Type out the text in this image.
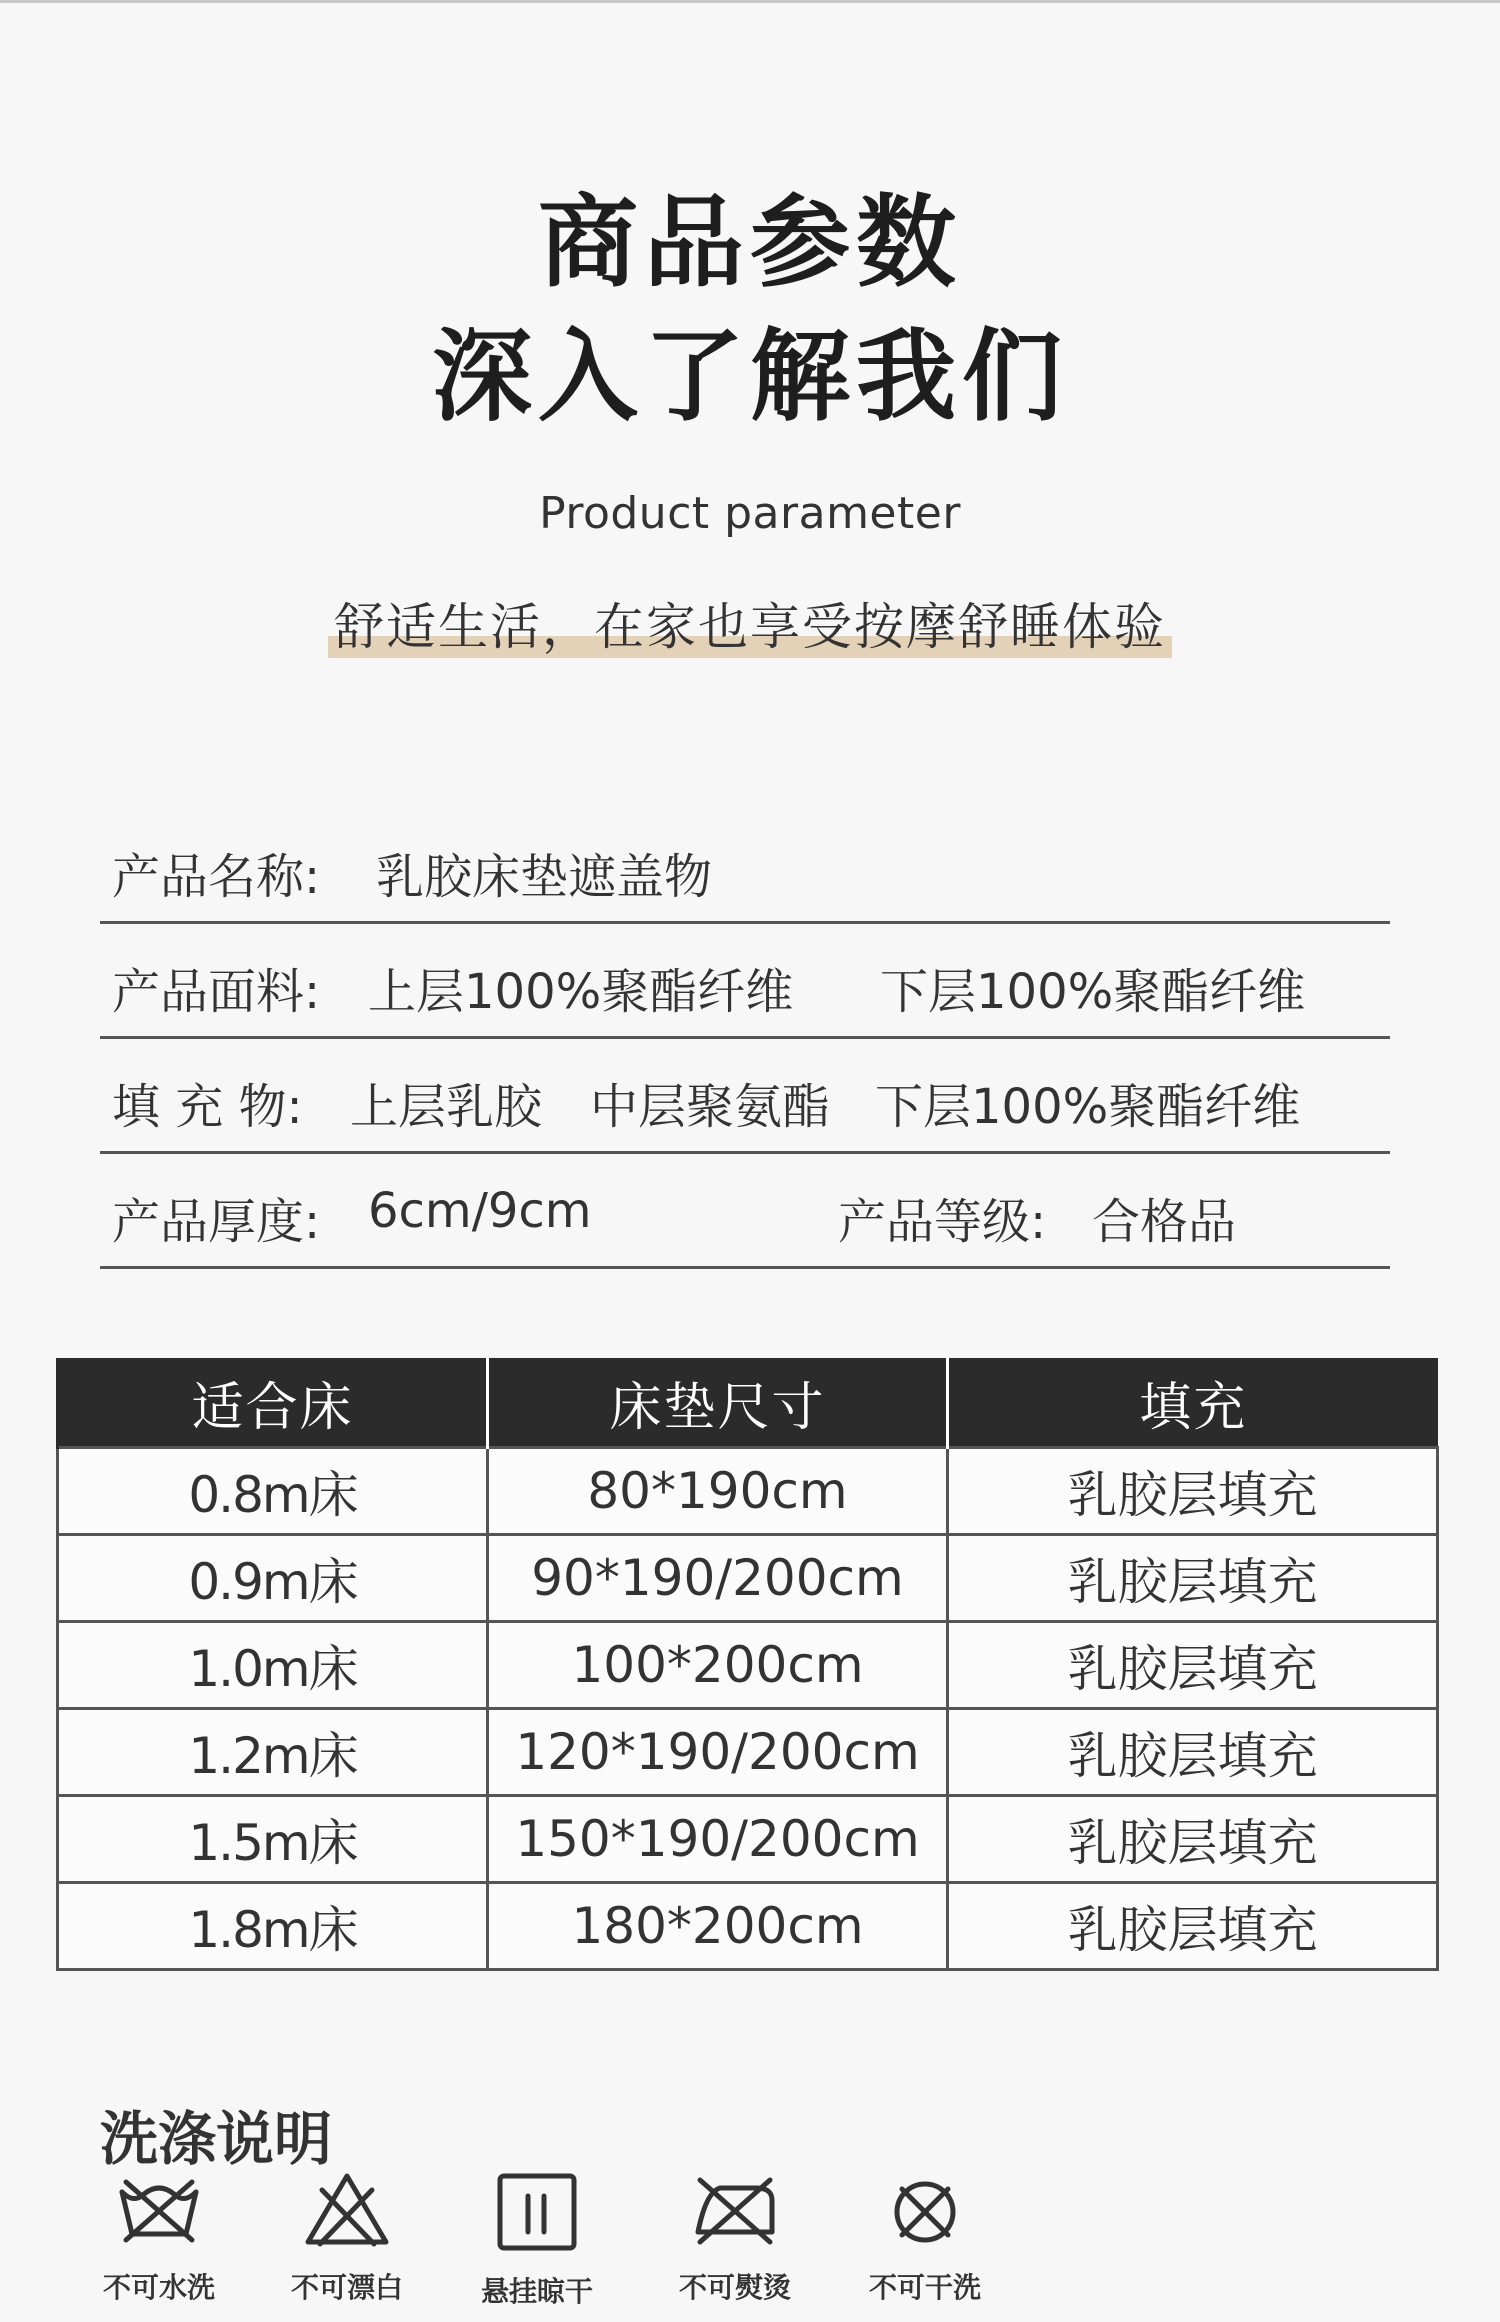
商品参数
深入了解我们
Product parameter
舒适生活，在家也享受按摩舒睡体验
产品名称: 乳胶床垫遮盖物
产品面料: 上层100%聚酯纤维 下层100%聚酯纤维
填 充 物: 上层乳胶 中层聚氨酯 下层100%聚酯纤维
产品厚度: 6cm/9cm	产品等级: 合格品
适合床	床垫尺寸	填充
0.8m床	80*190cm	乳胶层填充
0.9m床	90*190/200cm	乳胶层填充
1.0m床	100*200cm	乳胶层填充
1.2m床	120*190/200cm	乳胶层填充
1.5m床	150*190/200cm	乳胶层填充
1.8m床	180*200cm	乳胶层填充
洗涤说明
不可水洗	不可漂白	悬挂晾干	不可熨烫	不可干洗
